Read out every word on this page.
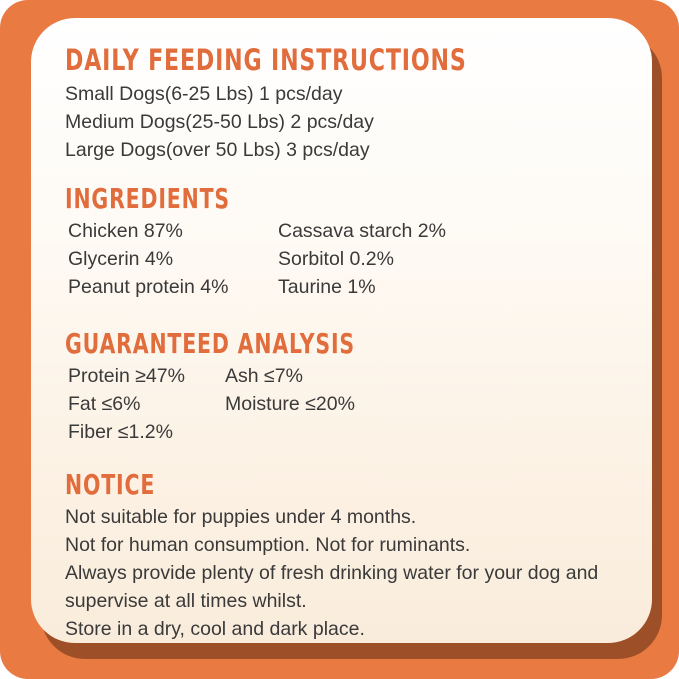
DAILY FEEDING INSTRUCTIONS
Small Dogs(6-25 Lbs) 1 pcs/day
Medium Dogs(25-50 Lbs) 2 pcs/day
Large Dogs(over 50 Lbs) 3 pcs/day
INGREDIENTS
Chicken 87%
Glycerin 4%
Peanut protein 4%
Cassava starch 2%
Sorbitol 0.2%
Taurine 1%
GUARANTEED ANALYSIS
Protein ≥47%
Fat ≤6%
Fiber ≤1.2%
Ash ≤7%
Moisture ≤20%
NOTICE
Not suitable for puppies under 4 months.
Not for human consumption. Not for ruminants.
Always provide plenty of fresh drinking water for your dog and supervise at all times whilst.
Store in a dry, cool and dark place.
